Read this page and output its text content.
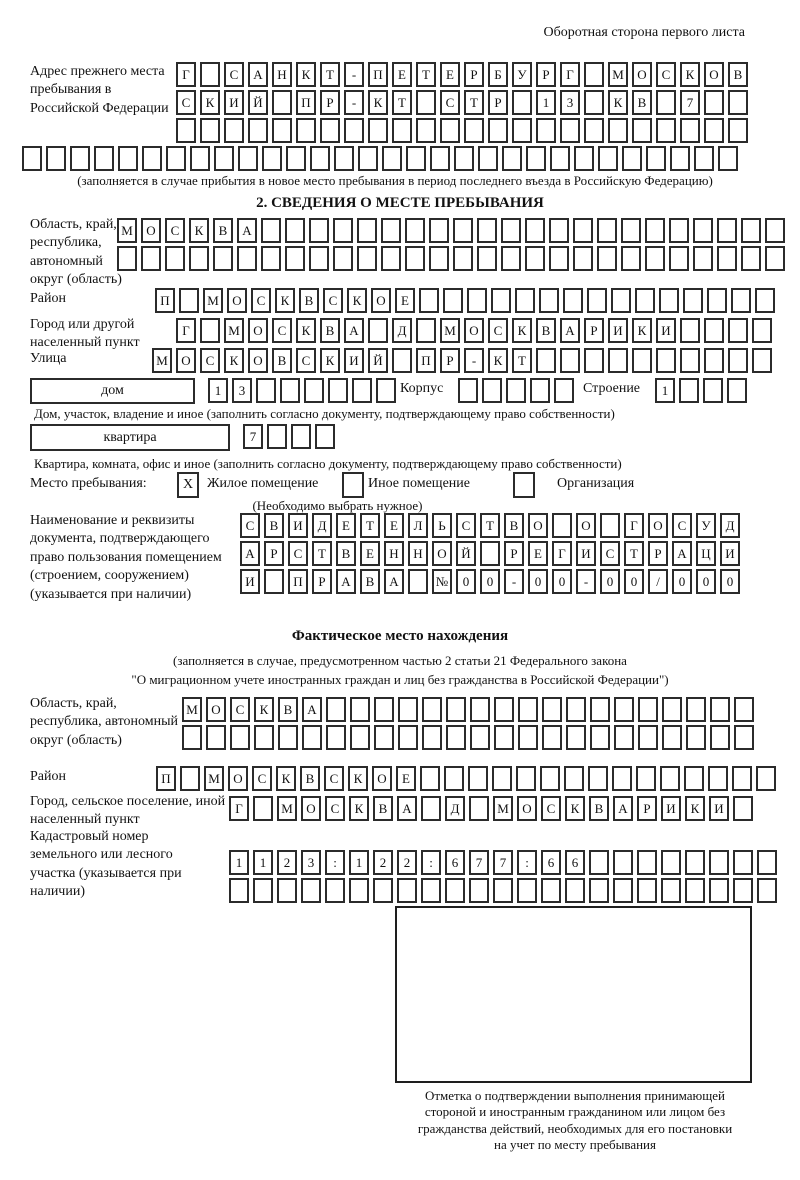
Оборотная сторона первого листа
Адрес прежнего места пребывания в Российской Федерации
Г	С	А	Н	К	Т	-	П	Е	Т	Е	Р	Б	У	Р	Г	М	О	С	К	О	В
С	К	И	Й	П	Р	-	К	Т	С	Т	Р	1	3	К	В	7
(заполняется в случае прибытия в новое место пребывания в период последнего въезда в Российскую Федерацию)
2. СВЕДЕНИЯ О МЕСТЕ ПРЕБЫВАНИЯ
Область, край, республика, автономный округ (область)
М	О	С	К	В	А
Район	П	М	О	С	К	В	С	К	О	Е
Город или другой населенный пункт
Г	М	О	С	К	В	А	Д	М	О	С	К	В	А	Р	И	К	И
Улица	М	О	С	К	О	В	С	К	И	Й	П	Р	-	К	Т
дом	1	3	Корпус	Строение	1
Дом, участок, владение и иное (заполнить согласно документу, подтверждающему право собственности)
квартира	7
Квартира, комната, офис и иное (заполнить согласно документу, подтверждающему право собственности)
Место пребывания:	X Жилое помещение	Иное помещение	Организация
(Необходимо выбрать нужное)
Наименование и реквизиты документа, подтверждающего право пользования помещением (строением, сооружением) (указывается при наличии)
С	В	И	Д	Е	Т	Е	Л	Ь	С	Т	В	О	О	Г	О	С	У	Д
А	Р	С	Т	В	Е	Н	Н	О	Й	Р	Е	Г	И	С	Т	Р	А	Ц	И
И	П	Р	А	В	А	№	0	0	-	0	0	-	0	0	/	0	0	0
Фактическое место нахождения
(заполняется в случае, предусмотренном частью 2 статьи 21 Федерального закона
"О миграционном учете иностранных граждан и лиц без гражданства в Российской Федерации")
Область, край, республика, автономный округ (область)
М	О	С	К	В	А
Район	П	М	О	С	К	В	С	К	О	Е
Город, сельское поселение, иной населенный пункт
Г	М	О	С	К	В	А	Д	М	О	С	К	В	А	Р	И	К	И
Кадастровый номер земельного или лесного участка (указывается при наличии)
1	1	2	3	:	1	2	2	:	6	7	7	:	6	6
Отметка о подтверждении выполнения принимающей
стороной и иностранным гражданином или лицом без
гражданства действий, необходимых для его постановки
на учет по месту пребывания
